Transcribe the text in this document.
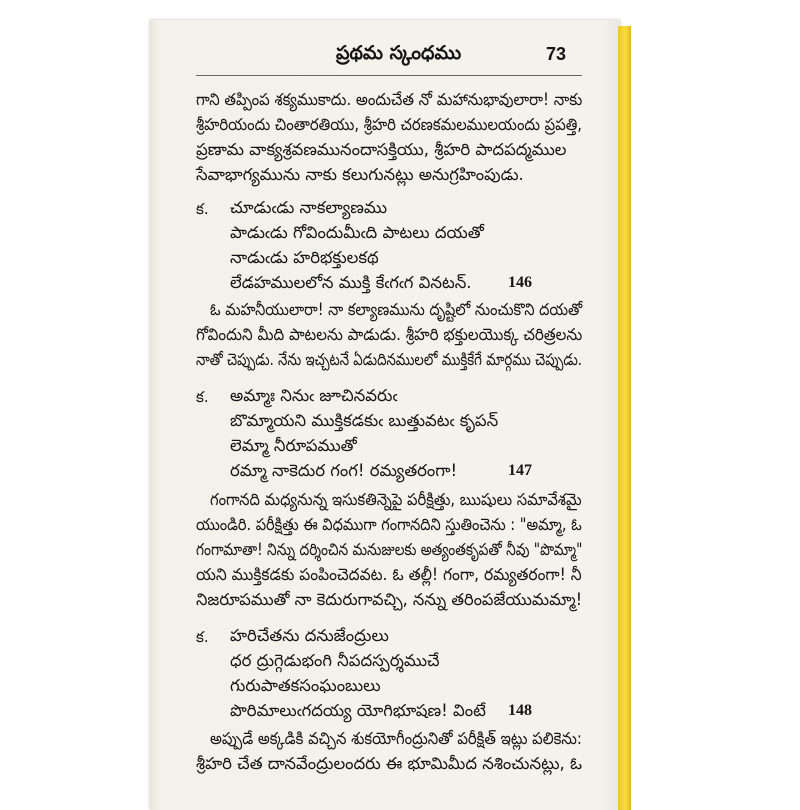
ప్రథమ స్కంధము	73
గాని తప్పింప శక్యముకాదు. అందుచేత నో మహానుభావులారా! నాకు
శ్రీహరియందు చింతారతియు, శ్రీహరి చరణకమలములయందు ప్రపత్తి,
ప్రణామ వాక్యశ్రవణమునందాసక్తియు, శ్రీహరి పాదపద్మముల
సేవాభాగ్యమును నాకు కలుగునట్లు అనుగ్రహింపుడు.
క. చూడుఁడు నాకల్యాణము
పాడుఁడు గోవిందుమీఁది పాటలు దయతో
నాడుఁడు హరిభక్తులకథ
లేడహములలోన ముక్తి కేఁగఁగ వినటన్. 146
ఓ మహనీయులారా! నా కల్యాణమును దృష్టిలో నుంచుకొని దయతో
గోవిందుని మీది పాటలను పాడుడు. శ్రీహరి భక్తులయొక్క చరిత్రలను
నాతో చెప్పుడు. నేను ఇచ్చటనే ఏడుదినములలో ముక్తికేగే మార్గము చెప్పుడు.
క. అమ్మాః నినుఁ జూచినవరుఁ
బొమ్మాయని ముక్తికడకుఁ బుత్తువటఁ కృపన్
లెమ్మా నీరూపముతో
రమ్మా నాకెదుర గంగ! రమ్యతరంగా!	147
గంగానది మధ్యనున్న ఇసుకతిన్నెపై పరీక్షిత్తు, ఋషులు సమావేశమై
యుండిరి. పరీక్షిత్తు ఈ విధముగా గంగానదిని స్తుతించెను : "అమ్మా, ఓ
గంగామాతా! నిన్ను దర్శించిన మనుజులకు అత్యంతకృపతో నీవు "పొమ్మా"
యని ముక్తికడకు పంపించెదవట. ఓ తల్లీ! గంగా, రమ్యతరంగా! నీ
నిజరూపముతో నా కెదురుగావచ్చి, నన్ను తరింపజేయుమమ్మా!
క. హరిచేతను దనుజేంద్రులు
ధర ద్రుగ్గెడుభంగి నీపదస్పర్శముచే
గురుపాతకసంఘంబులు
పొరిమాలుఁగదయ్య యోగిభూషణ! వింటే 148
అప్పుడే అక్కడికి వచ్చిన శుకయోగీంద్రునితో పరీక్షిత్ ఇట్లు పలికెను:
శ్రీహరి చేత దానవేంద్రులందరు ఈ భూమిమీద నశించునట్లు, ఓ
